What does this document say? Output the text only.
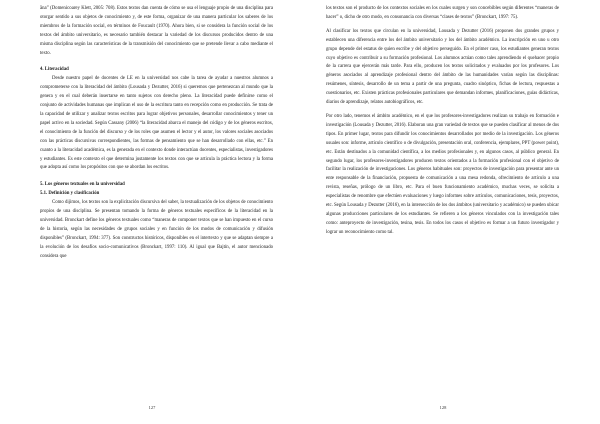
ãna” (Domenicoarey Klett, 2005: 708). Estos textos dan cuenta de cómo se usa el lenguaje propio de una disciplina para otorgar sentido a sus objetos de conocimiento y, de este forma, organizar de una manera particular los saberes de los miembros de la formación social, en términos de Foucault (1970). Ahora bien, si se considera la función social de los textos del ámbito universitario, es necesario también destacar la variedad de los discursos producidos dentro de una misma disciplina según las características de la transmisión del conocimiento que se pretende llevar a cabo mediante el texto.

4. Literacidad

Desde nuestro papel de docentes de LE en la universidad nos cabe la tarea de ayudar a nuestros alumnos a comprometerse con la literacidad del ámbito (Lousada y Dezutter, 2016) si queremos que pertenezcan al mundo que la genera y en el cual deberán insertarse en tanto sujetos con derecho pleno. La literacidad puede definirse como el conjunto de actividades humanas que implican el uso de la escritura tanto en recepción como en producción. Se trata de la capacidad de utilizar y analizar textos escritos para lograr objetivos personales, desarrollar conocimientos y tener un papel activo en la sociedad. Según Cassany (2006) “la literacidad abarca el manejo del código y de los géneros escritos, el conocimiento de la función del discurso y de los roles que asumen el lector y el autor, los valores sociales asociados con las prácticas discursivas correspondientes, las formas de pensamiento que se han desarrollado con ellas, etc.” En cuanto a la literacidad académica, es la generada en el contexto donde interactúan docentes, especialistas, investigadores y estudiantes. Es este contexto el que determina justamente los textos con que se articula la práctica lectora y la forma que adopta así como los propósitos con que se abordan los escritos.

5. Los géneros textuales en la universidad
5.1. Definición y clasificación

Como dijimos, los textos son la explicitación discursiva del saber, la textualización de los objetos de conocimiento propios de una disciplina. Se presentan tomando la forma de géneros textuales específicos de la literacidad en la universidad. Bronckart define los géneros textuales como “maneras de componer textos que se han impuesto en el curso de la historia, según las necesidades de grupos sociales y en función de los modos de comunicación y difusión disponibles” (Bronckart, 1994: 377). Son constructos históricos, disponibles en el intertexto y que se adaptan siempre a la evolución de los desafíos socio-comunicativos (Bronckart, 1997: 110). Al igual que Bajtín, el autor mencionado considera que

127

los textos son el producto de los contextos sociales en los cuales surgen y son concebibles según diferentes “maneras de hacer” o, dicho de otro modo, en consonancia con diversas “clases de textos” (Bronckart, 1997: 75).

Al clasificar los textos que circulan en la universidad, Lousada y Dezutter (2016) proponen dos grandes grupos y establecen una diferencia entre los del ámbito universitario y los del ámbito académico. La inscripción en uno u otro grupo depende del estatus de quien escribe y del objetivo perseguido. En el primer caso, los estudiantes generan textos cuyo objetivo es contribuir a su formación profesional. Los alumnos actúan como tales aprendiendo el quehacer propio de la carrera que ejercerán más tarde. Para ello, producen los textos solicitados y evaluados por los profesores. Los géneros asociados al aprendizaje profesional dentro del ámbito de las humanidades varían según las disciplinas: resúmenes, síntesis, desarrollo de un tema a partir de una pregunta, cuadro sinóptico, fichas de lectura, respuestas a cuestionarios, etc. Existen prácticas profesionales particulares que demandan informes, planificaciones, guías didácticas, diarios de aprendizaje, relatos autobiográficos, etc.

Por otro lado, tenemos el ámbito académico, en el que los profesores-investigadores realizan su trabajo en formación e investigación (Lousada y Dezutter, 2016). Elaboran una gran variedad de textos que se pueden clasificar al menos de dos tipos. En primer lugar, textos para difundir los conocimientos desarrollados por medio de la investigación. Los géneros usuales son: informe, artículo científico o de divulgación, presentación oral, conferencia, ejemplares, PPT (power point), etc. Están destinados a la comunidad científica, a los medios profesionales y, en algunos casos, al público general. En segundo lugar, los profesores-investigadores producen textos orientados a la formación profesional con el objetivo de facilitar la realización de investigaciones. Los géneros habituales son: proyectos de investigación para presentar ante un ente responsable de la financiación, propuesta de comunicación a una mesa redonda, ofrecimiento de artículo a una revista, reseñas, prólogo de un libro, etc. Para el buen funcionamiento académico, muchas veces, se solicita a especialistas de renombre que efectúen evaluaciones y luego informes sobre artículos, comunicaciones, tesis, proyectos, etc. Según Lousada y Dezutter (2016), en la intersección de los dos ámbitos (universitario y académico) se pueden ubicar algunas producciones particulares de los estudiantes. Se refieren a los géneros vinculados con la investigación tales como: anteproyecto de investigación, tesina, tesis. En todos los casos el objetivo es formar a un futuro investigador y lograr un reconocimiento como tal.

128
